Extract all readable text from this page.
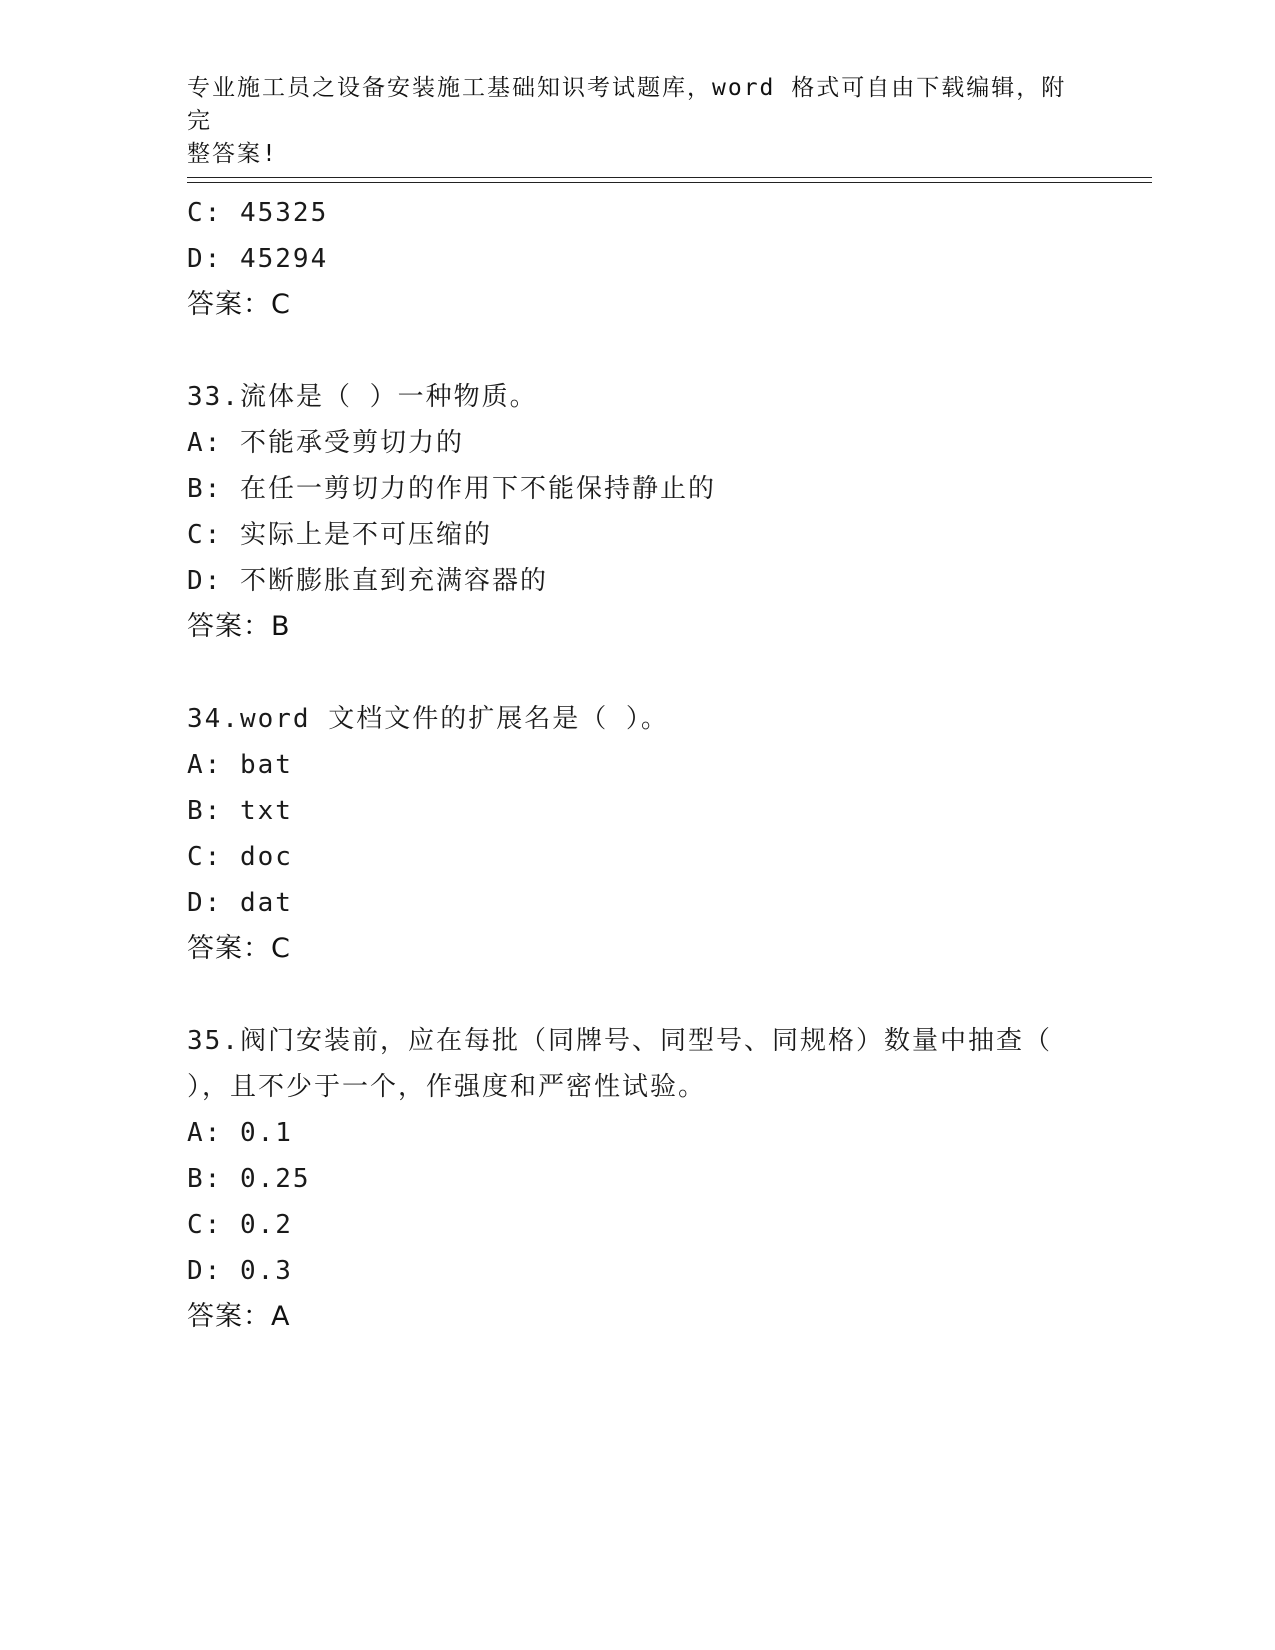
专业施工员之设备安装施工基础知识考试题库，word 格式可自由下载编辑，附完
整答案!
C: 45325
D: 45294
答案：C
33.流体是（ ）一种物质。
A: 不能承受剪切力的
B: 在任一剪切力的作用下不能保持静止的
C: 实际上是不可压缩的
D: 不断膨胀直到充满容器的
答案：B
34.word 文档文件的扩展名是（ ）。
A: bat
B: txt
C: doc
D: dat
答案：C
35.阀门安装前，应在每批（同牌号、同型号、同规格）数量中抽查（
），且不少于一个，作强度和严密性试验。
A: 0.1
B: 0.25
C: 0.2
D: 0.3
答案：A
